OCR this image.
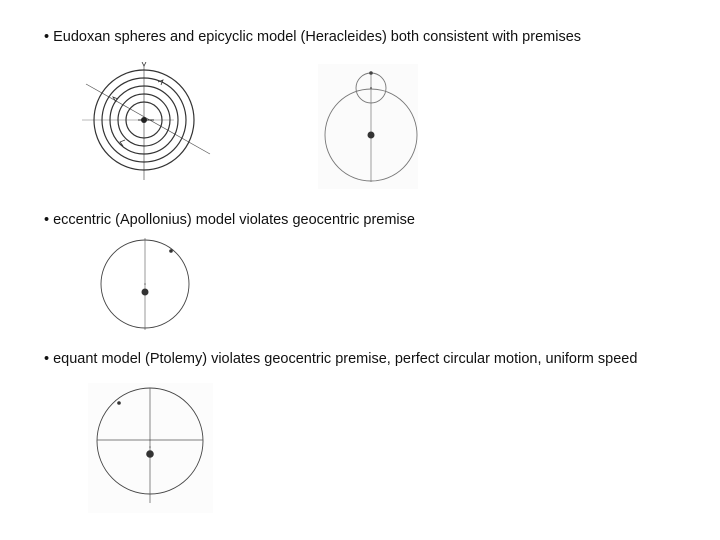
• Eudoxan spheres and epicyclic model (Heracleides) both consistent with premises
• eccentric (Apollonius) model violates geocentric premise
• equant model (Ptolemy) violates geocentric premise, perfect circular motion, uniform speed
